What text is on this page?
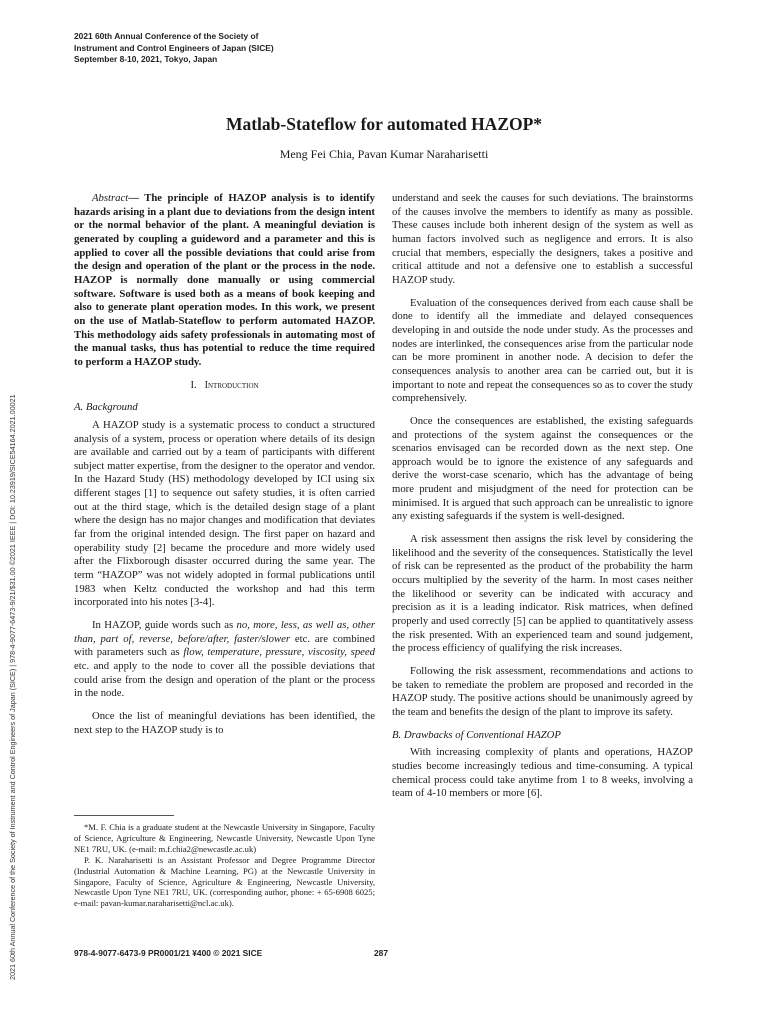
2021 60th Annual Conference of the Society of
Instrument and Control Engineers of Japan (SICE)
September 8-10, 2021, Tokyo, Japan
2021 60th Annual Conference of the Society of Instrument and Control Engineers of Japan (SICE) | 978-4-9077-6473-9/21/$31.00 ©2021 IEEE | DOI: 10.23919/SICE54164.2021.00021
Matlab-Stateflow for automated HAZOP*
Meng Fei Chia, Pavan Kumar Naraharisetti

Abstract— The principle of HAZOP analysis is to identify hazards arising in a plant due to deviations from the design intent or the normal behavior of the plant. A meaningful deviation is generated by coupling a guideword and a parameter and this is applied to cover all the possible deviations that could arise from the design and operation of the plant or the process in the node. HAZOP is normally done manually or using commercial software. Software is used both as a means of book keeping and also to generate plant operation modes. In this work, we present on the use of Matlab-Stateflow to perform automated HAZOP. This methodology aids safety professionals in automating most of the manual tasks, thus has potential to reduce the time required to perform a HAZOP study.

I. Introduction

A. Background

A HAZOP study is a systematic process to conduct a structured analysis of a system, process or operation where details of its design are available and carried out by a team of participants with different subject matter expertise, from the designer to the operator and vendor. In the Hazard Study (HS) methodology developed by ICI using six different stages [1] to sequence out safety studies, it is often carried out at the third stage, which is the detailed design stage of a plant where the design has no major changes and modification that deviates far from the original intended design. The first paper on hazard and operability study [2] became the procedure and more widely used after the Flixborough disaster occurred during the same year. The term “HAZOP” was not widely adopted in formal publications until 1983 when Keltz conducted the workshop and had this term incorporated into his notes [3-4].

In HAZOP, guide words such as no, more, less, as well as, other than, part of, reverse, before/after, faster/slower etc. are combined with parameters such as flow, temperature, pressure, viscosity, speed etc. and apply to the node to cover all the possible deviations that could arise from the design and operation of the plant or the process in the node.

Once the list of meaningful deviations has been identified, the next step to the HAZOP study is to

*M. F. Chia is a graduate student at the Newcastle University in Singapore, Faculty of Science, Agriculture & Engineering, Newcastle University, Newcastle Upon Tyne NE1 7RU, UK. (e-mail: m.f.chia2@newcastle.ac.uk)

P. K. Naraharisetti is an Assistant Professor and Degree Programme Director (Industrial Automation & Machine Learning, PG) at the Newcastle University in Singapore, Faculty of Science, Agriculture & Engineering, Newcastle University, Newcastle Upon Tyne NE1 7RU, UK. (corresponding author, phone: + 65-6908 6025; e-mail: pavan-kumar.naraharisetti@ncl.ac.uk).

understand and seek the causes for such deviations. The brainstorms of the causes involve the members to identify as many as possible. These causes include both inherent design of the system as well as human factors involved such as negligence and errors. It is also crucial that members, especially the designers, takes a positive and critical attitude and not a defensive one to establish a successful HAZOP study.

Evaluation of the consequences derived from each cause shall be done to identify all the immediate and delayed consequences developing in and outside the node under study. As the processes and nodes are interlinked, the consequences arise from the particular node can be more prominent in another node. A decision to defer the consequences analysis to another area can be carried out, but it is important to note and repeat the consequences so as to cover the study comprehensively.

Once the consequences are established, the existing safeguards and protections of the system against the consequences or the scenarios envisaged can be recorded down as the next step. One approach would be to ignore the existence of any safeguards and derive the worst-case scenario, which has the advantage of being more prudent and misjudgment of the need for protection can be minimised. It is argued that such approach can be unrealistic to ignore any existing safeguards if the system is well-designed.

A risk assessment then assigns the risk level by considering the likelihood and the severity of the consequences. Statistically the level of risk can be represented as the product of the probability the harm occurs multiplied by the severity of the harm. In most cases neither the likelihood or severity can be indicated with accuracy and precision as it is a leading indicator. Risk matrices, when defined properly and used correctly [5] can be applied to quantitatively assess the risk presented. With an experienced team and sound judgement, the process efficiency of qualifying the risk increases.

Following the risk assessment, recommendations and actions to be taken to remediate the problem are proposed and recorded in the HAZOP study. The positive actions should be unanimously agreed by the team and benefits the design of the plant to improve its safety.

B. Drawbacks of Conventional HAZOP

With increasing complexity of plants and operations, HAZOP studies become increasingly tedious and time-consuming. A typical chemical process could take anytime from 1 to 8 weeks, involving a team of 4-10 members or more [6].

978-4-9077-6473-9 PR0001/21 ¥400 © 2021 SICE	287
